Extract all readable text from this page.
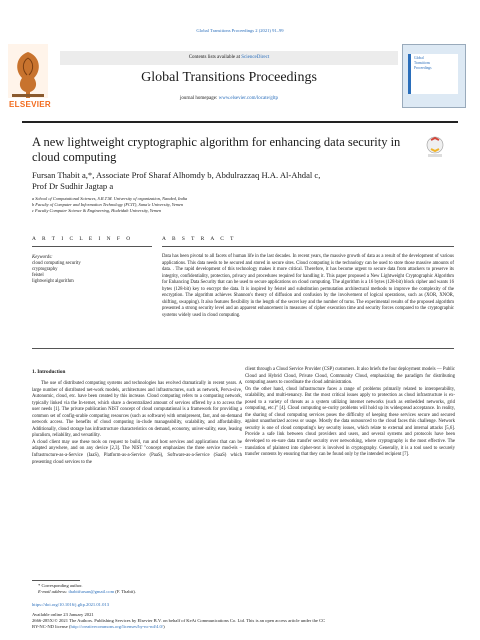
Global Transitions Proceedings 2 (2021) 91–99
ELSEVIER
Contents lists available at ScienceDirect
Global Transitions Proceedings
journal homepage: www.elsevier.com/locate/gltp
Global
Transitions
Proceedings
A new lightweight cryptographic algorithm for enhancing data security in cloud computing
Fursan Thabit a,*, Associate Prof Sharaf Alhomdy b, Abdulrazzaq H.A. Al-Ahdal c,
Prof Dr Sudhir Jagtap a
a School of Computational Sciences, S.R.T.M. University of organization, Nanded, India
b Faculty of Computer and Information Technology (FCIT), Sana'a University, Yemen
c Faculty Computer Science & Engineering, Hodeidah University, Yemen
A R T I C L E I N F O	A B S T R A C T
Keywords:
cloud computing security
cryptography
feistel
lightweight algorithm
Data has been pivotal to all facets of human life in the last decades. In recent years, the massive growth of data as a result of the development of various applications. This data needs to be secured and stored in secure sites. Cloud computing is the technology can be used to store those massive amounts of data. . The rapid development of this technology makes it more critical. Therefore, it has become urgent to secure data from attackers to preserve its integrity, confidentiality, protection, privacy and procedures required for handling it. This paper proposed a New Lightweight Cryptographic Algorithm for Enhancing Data Security that can be used to secure applications on cloud computing. The algorithm is a 16 bytes (128-bit) block cipher and wants 16 bytes (128-bit) key to encrypt the data. It is inspired by feistel and substitution permutation architectural methods to improve the complexity of the encryption. The algorithm achieves Shannon's theory of diffusion and confusion by the involvement of logical operations, such as (XOR, XNOR, shifting, swapping). It also features flexibility in the length of the secret key and the number of turns. The experimental results of the proposed algorithm presented a strong security level and an apparent enhancement in measures of cipher execution time and security forces compared to the cryptographic systems widely used in cloud computing.
1. Introduction
The use of distributed computing systems and technologies has evolved dramatically in recent years. A large number of distributed net-work models, architectures and infrastructures, such as network, Perva-sive, Autonomic, cloud, etc. have been created by this increase. Cloud computing refers to a computing network, typically linked via the In-ternet, which share a decentralized amount of services offered by a to access the user needs [1]. The private publication NIST concept of cloud computational is a framework for providing a common set of config-urable computing resources (such as software) with omnipresent, fast, and on-demand network access. The benefits of cloud computing in-clude manageability, scalability, and affordability. Additionally, cloud storage has infrastructure characteristics on demand, economy, univer-sality, ease, leasing pluralism, reliability, and versatility.
A cloud client may use these tools on request to build, run and host services and applications that can be adapted anywhere, and on any device [2,3]. The NIST "concept emphasizes the three service mod-els – Infrastructure-as-a-Service (IaaS), Platform-as-a-Service (PaaS), Software-as-a-Service (SaaS) which presenting cloud services to the
client through a Cloud Service Provider (CSP) customers. It also briefs the four deployment models — Public Cloud and Hybrid Cloud, Private Cloud, Community Cloud, emphasizing the paradigm for distributing computing assets to coordinate the cloud administration.
On the other hand, cloud infrastructure faces a range of problems primarily related to interoperability, scalability, and multi-tenancy. But the most critical issues apply to protection as cloud infrastructure is ex-posed to a variety of threats as a system utilizing internet networks (such as embedded networks, grid computing, etc.)" [4]. Cloud computing se-curity problems will hold up its widespread acceptance. In reality, the sharing of cloud computing services poses the difficulty of keeping these services secure and secured against unauthorized access or usage. Mostly the data outsourced to the cloud faces this challenge. Network security is one of cloud computing's key security issues, which relate to external and internal attacks [5,6]. Provide a safe link between cloud providers and users, and several systems and protocols have been developed to en-sure data transfer security over networking, where cryptography is the most effective. The translation of plaintext into cipher-text is involved in cryptography. Generally, it is a tool used to securely transfer contents by ensuring that they can be found only by the intended recipient [7].
* Corresponding author.
E-mail address: thabitfursan@gmail.com (F. Thabit).
https://doi.org/10.1016/j.gltp.2021.01.013
Available online 23 January 2021
2666-285X/© 2021 The Authors. Publishing Services by Elsevier B.V. on behalf of KeAi Communications Co. Ltd. This is an open access article under the CC
BY-NC-ND license (http://creativecommons.org/licenses/by-nc-nd/4.0/)
